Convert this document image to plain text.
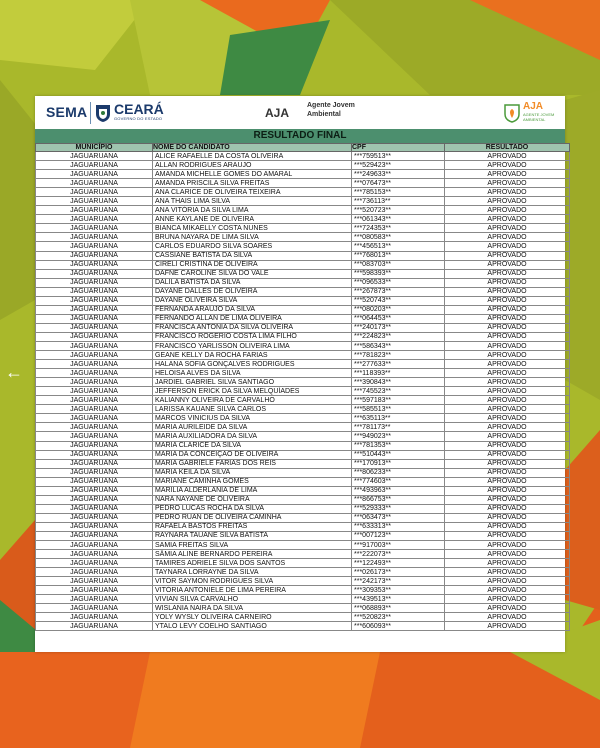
←
SEMA CEARÁ
GOVERNO DO ESTADO	AJA
Agente Jovem Ambiental
AJA
AGENTE JOVEM AMBIENTAL
RESULTADO FINAL
MUNICÍPIO	NOME DO CANDIDATO	CPF	RESULTADO
JAGUARUANA	ALICE RAFAELLE DA COSTA OLIVEIRA	***759513**	APROVADO
JAGUARUANA	ALLAN RODRIGUES ARAUJO	***529423**	APROVADO
JAGUARUANA	AMANDA MICHELLE GOMES DO AMARAL	***249633**	APROVADO
JAGUARUANA	AMANDA PRISCILA SILVA FREITAS	***076473**	APROVADO
JAGUARUANA	ANA CLARICE DE OLIVEIRA TEIXEIRA	***785153**	APROVADO
JAGUARUANA	ANA THAIS LIMA SILVA	***736113**	APROVADO
JAGUARUANA	ANA VITÓRIA DA SILVA LIMA	***520723**	APROVADO
JAGUARUANA	ANNE KAYLANE DE OLIVEIRA	***061343**	APROVADO
JAGUARUANA	BIANCA MIKAELLY COSTA NUNES	***724353**	APROVADO
JAGUARUANA	BRUNA NAYARA DE LIMA SILVA	***080583**	APROVADO
JAGUARUANA	CARLOS EDUARDO SILVA SOARES	***456513**	APROVADO
JAGUARUANA	CASSIANE BATISTA DA SILVA	***768013**	APROVADO
JAGUARUANA	CIRELI CRISTINA DE OLIVEIRA	***083703**	APROVADO
JAGUARUANA	DAFNE CAROLINE SILVA DO VALE	***598393**	APROVADO
JAGUARUANA	DALILA BATISTA DA SILVA	***096533**	APROVADO
JAGUARUANA	DAYANE DALLES DE OLIVEIRA	***267873**	APROVADO
JAGUARUANA	DAYANE OLIVEIRA SILVA	***520743**	APROVADO
JAGUARUANA	FERNANDA ARAUJO DA SILVA	***080203**	APROVADO
JAGUARUANA	FERNANDO ALLAN DE LIMA OLIVEIRA	***064453**	APROVADO
JAGUARUANA	FRANCISCA ANTONIA DA SILVA OLIVEIRA	***240173**	APROVADO
JAGUARUANA	FRANCISCO ROGERIO COSTA LIMA FILHO	***224823**	APROVADO
JAGUARUANA	FRANCISCO YARLISSON OLIVEIRA LIMA	***586343**	APROVADO
JAGUARUANA	GEANE KELLY DA ROCHA FARIAS	***781823**	APROVADO
JAGUARUANA	HALANA SOFIA GONÇALVES RODRIGUES	***277633**	APROVADO
JAGUARUANA	HELOISA ALVES DA SILVA	***118393**	APROVADO
JAGUARUANA	JARDIEL GABRIEL SILVA SANTIAGO	***390843**	APROVADO
JAGUARUANA	JEFFERSON ERICK DA SILVA MELQUÍADES	***745523**	APROVADO
JAGUARUANA	KALIANNY OLIVEIRA DE CARVALHO	***597183**	APROVADO
JAGUARUANA	LARISSA KAUANE SILVA CARLOS	***585513**	APROVADO
JAGUARUANA	MARCOS VINICIUS DA SILVA	***635113**	APROVADO
JAGUARUANA	MARIA AURILEIDE DA SILVA	***781173**	APROVADO
JAGUARUANA	MARIA AUXILIADORA DA SILVA	***949023**	APROVADO
JAGUARUANA	MARIA CLARICE DA SILVA	***781353**	APROVADO
JAGUARUANA	MARIA DA CONCEIÇÃO DE OLIVEIRA	***510443**	APROVADO
JAGUARUANA	MARIA GABRIELE FARIAS DOS REIS	***170913**	APROVADO
JAGUARUANA	MARIA KEILA DA SILVA	***806233**	APROVADO
JAGUARUANA	MARIANE CAMINHA GOMES	***774603**	APROVADO
JAGUARUANA	MARILIA ALDERLANIA DE LIMA	***493963**	APROVADO
JAGUARUANA	NARA NAYANE DE OLIVEIRA	***866753**	APROVADO
JAGUARUANA	PEDRO LUCAS ROCHA DA SILVA	***529333**	APROVADO
JAGUARUANA	PEDRO RUAN DE OLIVEIRA CAMINHA	***063473**	APROVADO
JAGUARUANA	RAFAELA BASTOS FREITAS	***633313**	APROVADO
JAGUARUANA	RAYNARA TAUANE SILVA BATISTA	***007123**	APROVADO
JAGUARUANA	SAMIA FREITAS SILVA	***917003**	APROVADO
JAGUARUANA	SÂMIA ALINE BERNARDO PEREIRA	***222073**	APROVADO
JAGUARUANA	TAMIRES ADRIELE SILVA DOS SANTOS	***122493**	APROVADO
JAGUARUANA	TAYNARA LORRAYNE DA SILVA	***026173**	APROVADO
JAGUARUANA	VITOR SAYMON RODRIGUES SILVA	***242173**	APROVADO
JAGUARUANA	VITÓRIA ANTONIELE DE LIMA PEREIRA	***309353**	APROVADO
JAGUARUANA	VIVIAN SILVA CARVALHO	***439513**	APROVADO
JAGUARUANA	WISLANIA NAIRA DA SILVA	***068893**	APROVADO
JAGUARUANA	YOLY WYSLY OLIVEIRA CARNEIRO	***520823**	APROVADO
JAGUARUANA	YTALO LEVY COELHO SANTIAGO	***606093**	APROVADO
